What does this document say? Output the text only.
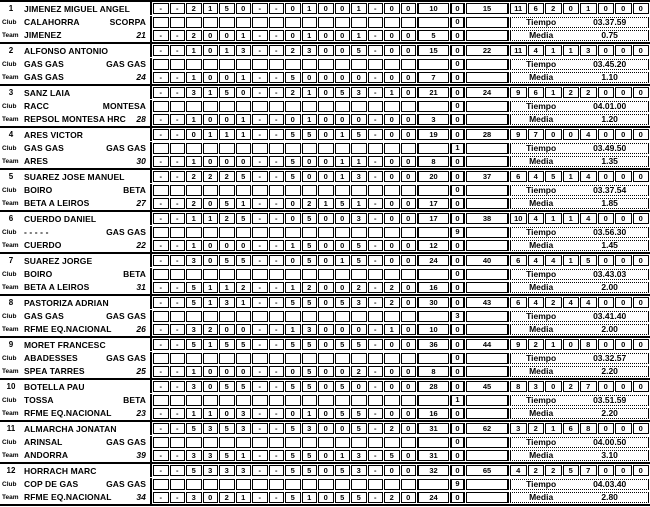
1	JIMENEZ MIGUEL ANGEL	-	-	2	1	5	0	-	-	0	1	0	0	1	-	0	0	10	0	15	11	6	2	0	1	0	0	0
Club CALAHORRA	SCORPA	0	Tiempo	03.37.59
Team JIMENEZ	21	-	-	2	0	0	1	-	-	0	1	0	0	1	-	0	0	5	0	Media	0.75
2	ALFONSO ANTONIO	-	-	1	0	1	3	-	-	2	3	0	0	5	-	0	0	15	0	22	11	4	1	1	3	0	0	0
Club GAS GAS	GAS GAS	0	Tiempo	03.45.20
Team GAS GAS	24	-	-	1	0	0	1	-	-	5	0	0	0	0	-	0	0	7	0	Media	1.10
3	SANZ LAIA	-	-	3	1	5	0	-	-	2	1	0	5	3	-	1	0	21	0	24	9	6	1	2	2	0	0	0
Club RACC	MONTESA	0	Tiempo	04.01.00
Team REPSOL MONTESA HRC 28	-	-	1	0	0	1	-	-	0	1	0	0	0	-	0	0	3	0	Media	1.20
4	ARES VICTOR	-	-	0	1	1	1	-	-	5	5	0	1	5	-	0	0	19	0	28	9	7	0	0	4	0	0	0
Club GAS GAS	GAS GAS	1	Tiempo	03.49.50
Team ARES	30	-	-	1	0	0	0	-	-	5	0	0	1	1	-	0	0	8	0	Media	1.35
5	SUAREZ JOSE MANUEL	-	-	2	2	2	5	-	-	5	0	0	1	3	-	0	0	20	0	37	6	4	5	1	4	0	0	0
Club BOIRO	BETA	0	Tiempo	03.37.54
Team BETA A LEIROS	27	-	-	2	0	5	1	-	-	0	2	1	5	1	-	0	0	17	0	Media	1.85
6	CUERDO DANIEL	-	-	1	1	2	5	-	-	0	5	0	0	3	-	0	0	17	0	38	10	4	1	1	4	0	0	0
Club - - - - -	GAS GAS	9	Tiempo	03.56.30
Team CUERDO	22	-	-	1	0	0	0	-	-	1	5	0	0	5	-	0	0	12	0	Media	1.45
7	SUAREZ JORGE	-	-	3	0	5	5	-	-	0	5	0	1	5	-	0	0	24	0	40	6	4	4	1	5	0	0	0
Club BOIRO	BETA	0	Tiempo	03.43.03
Team BETA A LEIROS	31	-	-	5	1	1	2	-	-	1	2	0	0	2	-	2	0	16	0	Media	2.00
8	PASTORIZA ADRIAN	-	-	5	1	3	1	-	-	5	5	0	5	3	-	2	0	30	0	43	6	4	2	4	4	0	0	0
Club GAS GAS	GAS GAS	3	Tiempo	03.41.40
Team RFME EQ.NACIONAL	26	-	-	3	2	0	0	-	-	1	3	0	0	0	-	1	0	10	0	Media	2.00
9	MORET FRANCESC	-	-	5	1	5	5	-	-	5	5	0	5	5	-	0	0	36	0	44	9	2	1	0	8	0	0	0
Club ABADESSES	GAS GAS	0	Tiempo	03.32.57
Team SPEA TARRES	25	-	-	1	0	0	0	-	-	0	5	0	0	2	-	0	0	8	0	Media	2.20
10	BOTELLA PAU	-	-	3	0	5	5	-	-	5	5	0	5	0	-	0	0	28	0	45	8	3	0	2	7	0	0	0
Club TOSSA	BETA	1	Tiempo	03.51.59
Team RFME EQ.NACIONAL	23	-	-	1	1	0	3	-	-	0	1	0	5	5	-	0	0	16	0	Media	2.20
11	ALMARCHA JONATAN	-	-	5	3	5	3	-	-	5	3	0	0	5	-	2	0	31	0	62	3	2	1	6	8	0	0	0
Club ARINSAL	GAS GAS	0	Tiempo	04.00.50
Team ANDORRA	39	-	-	3	3	5	1	-	-	5	5	0	1	3	-	5	0	31	0	Media	3.10
12	HORRACH MARC	-	-	5	3	3	3	-	-	5	5	0	5	3	-	0	0	32	0	65	4	2	2	5	7	0	0	0
Club COP DE GAS	GAS GAS	9	Tiempo	04.03.40
Team RFME EQ.NACIONAL	34	-	-	3	0	2	1	-	-	5	1	0	5	5	-	2	0	24	0	Media	2.80
